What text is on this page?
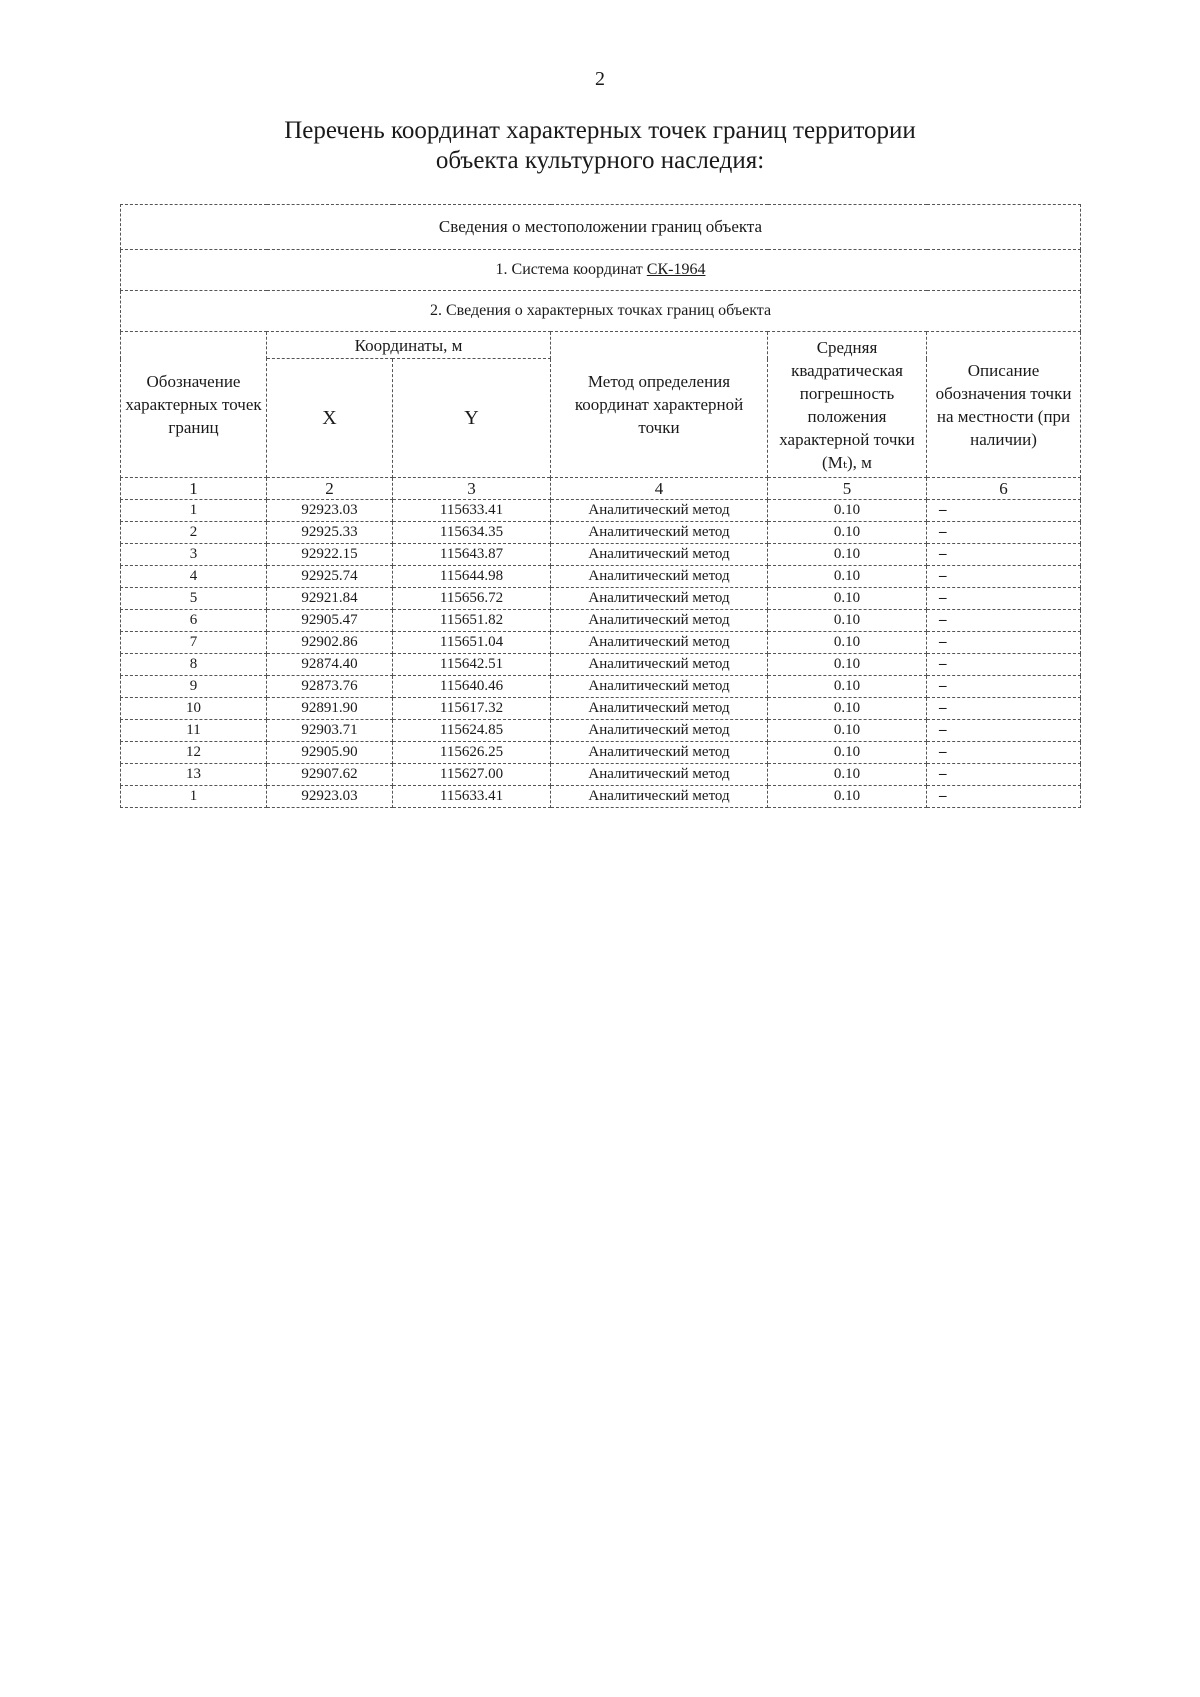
2
Перечень координат характерных точек границ территории
объекта культурного наследия:
Сведения о местоположении границ объекта					
1. Система координат СК-1964					
2. Сведения о характерных точках границ объекта					
Обозначение характерных точек границ	Координаты, м		Метод определения координат характерной точки	Средняя квадратическая погрешность положения характерной точки (Mₜ), м	Описание обозначения точки на местности (при наличии)
	X	Y			
1	2	3	4	5	6
1	92923.03	115633.41	Аналитический метод	0.10	–
2	92925.33	115634.35	Аналитический метод	0.10	–
3	92922.15	115643.87	Аналитический метод	0.10	–
4	92925.74	115644.98	Аналитический метод	0.10	–
5	92921.84	115656.72	Аналитический метод	0.10	–
6	92905.47	115651.82	Аналитический метод	0.10	–
7	92902.86	115651.04	Аналитический метод	0.10	–
8	92874.40	115642.51	Аналитический метод	0.10	–
9	92873.76	115640.46	Аналитический метод	0.10	–
10	92891.90	115617.32	Аналитический метод	0.10	–
11	92903.71	115624.85	Аналитический метод	0.10	–
12	92905.90	115626.25	Аналитический метод	0.10	–
13	92907.62	115627.00	Аналитический метод	0.10	–
1	92923.03	115633.41	Аналитический метод	0.10	–
